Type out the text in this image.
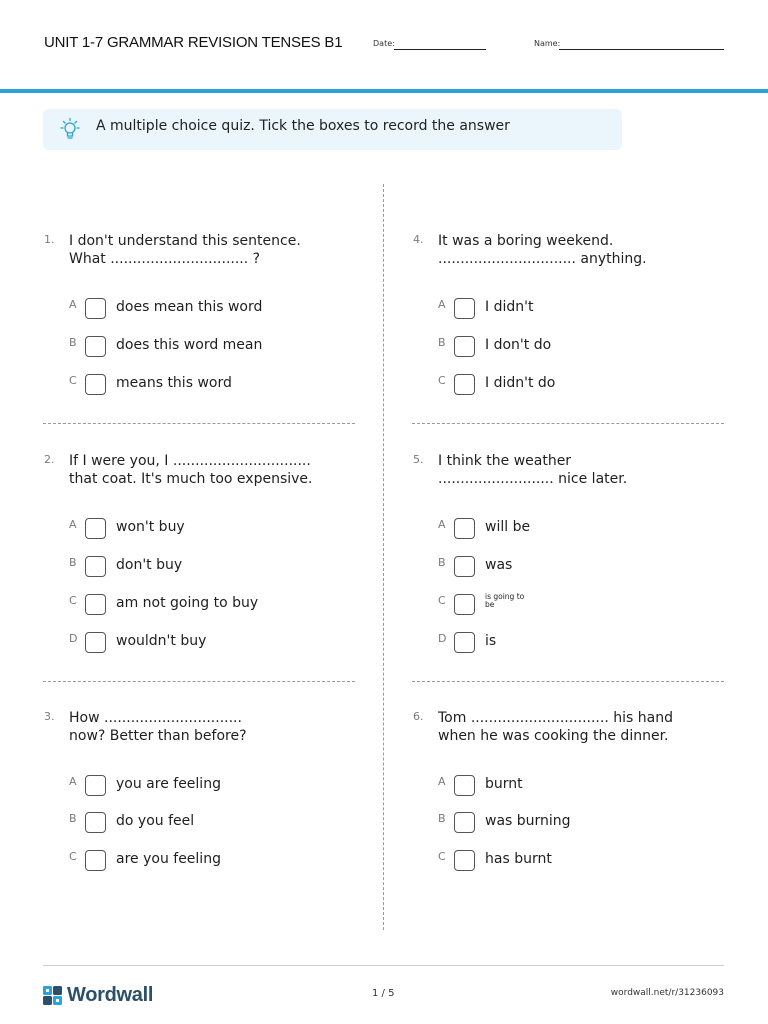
UNIT 1-7 GRAMMAR REVISION TENSES B1	Date:	Name:
A multiple choice quiz. Tick the boxes to record the answer
1. I don't understand this sentence.
What ............................... ?
A	does mean this word
B	does this word mean
C	means this word
2. If I were you, I ...............................
that coat. It's much too expensive.
A	won't buy
B	don't buy
C	am not going to buy
D	wouldn't buy
3. How ...............................
now? Better than before?
A	you are feeling
B	do you feel
C	are you feeling
4. It was a boring weekend.
............................... anything.
A	I didn't
B	I don't do
C	I didn't do
5. I think the weather
.......................... nice later.
A	will be
B	was
C	is going to be
D	is
6. Tom ............................... his hand
when he was cooking the dinner.
A	burnt
B	was burning
C	has burnt
Wordwall	1 / 5	wordwall.net/r/31236093
